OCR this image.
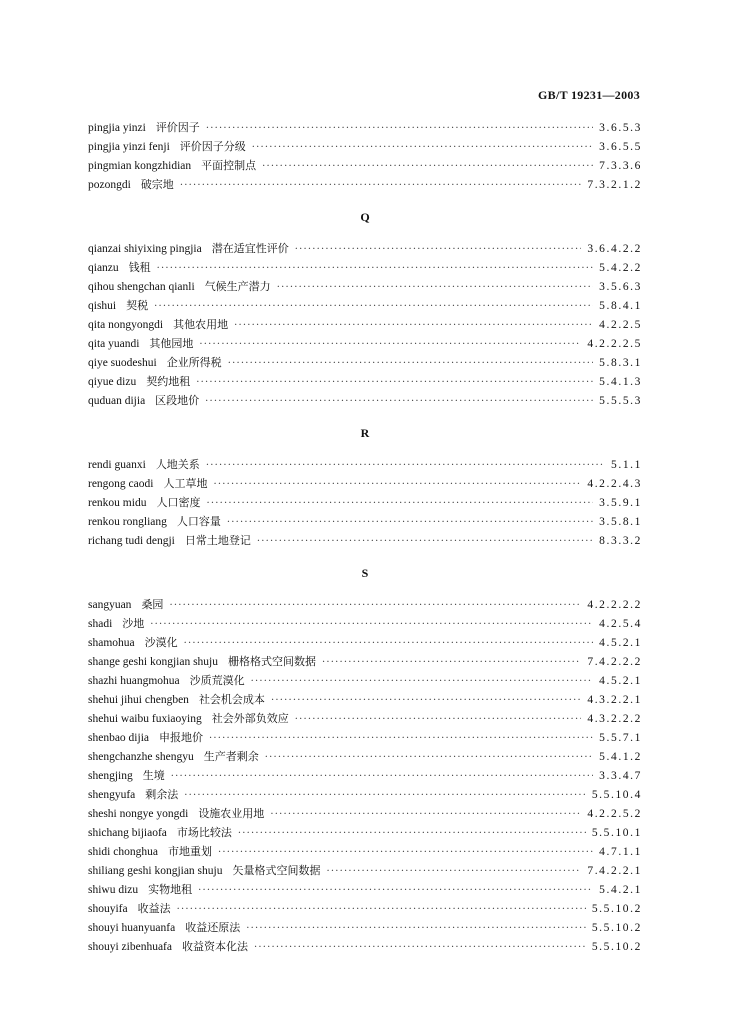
GB/T 19231—2003
pingjia yinzi 评价因子 ·····	3.6.5.3
pingjia yinzi fenji 评价因子分级 ·····	3.6.5.5
pingmian kongzhidian 平面控制点 ·····	7.3.3.6
pozongdi 破宗地 ·····	7.3.2.1.2
Q
qianzai shiyixing pingjia 潜在适宜性评价 ·····	3.6.4.2.2
qianzu 钱租 ·····	5.4.2.2
qihou shengchan qianli 气候生产潜力 ·····	3.5.6.3
qishui 契税 ·····	5.8.4.1
qita nongyongdi 其他农用地 ·····	4.2.2.5
qita yuandi 其他园地 ·····	4.2.2.2.5
qiye suodeshui 企业所得税 ·····	5.8.3.1
qiyue dizu 契约地租 ·····	5.4.1.3
quduan dijia 区段地价 ·····	5.5.5.3
R
rendi guanxi 人地关系 ·····	5.1.1
rengong caodi 人工草地 ·····	4.2.2.4.3
renkou midu 人口密度 ·····	3.5.9.1
renkou rongliang 人口容量 ·····	3.5.8.1
richang tudi dengji 日常土地登记 ·····	8.3.3.2
S
sangyuan 桑园 ·····	4.2.2.2.2
shadi 沙地 ·····	4.2.5.4
shamohua 沙漠化 ·····	4.5.2.1
shange geshi kongjian shuju 栅格格式空间数据 ·····	7.4.2.2.2
shazhi huangmohua 沙质荒漠化 ·····	4.5.2.1
shehui jihui chengben 社会机会成本 ·····	4.3.2.2.1
shehui waibu fuxiaoying 社会外部负效应 ·····	4.3.2.2.2
shenbao dijia 申报地价 ·····	5.5.7.1
shengchanzhe shengyu 生产者剩余 ·····	5.4.1.2
shengjing 生境 ·····	3.3.4.7
shengyufa 剩余法 ·····	5.5.10.4
sheshi nongye yongdi 设施农业用地 ·····	4.2.2.5.2
shichang bijiaofa 市场比较法 ·····	5.5.10.1
shidi chonghua 市地重划 ·····	4.7.1.1
shiliang geshi kongjian shuju 矢量格式空间数据 ·····	7.4.2.2.1
shiwu dizu 实物地租 ·····	5.4.2.1
shouyifa 收益法 ·····	5.5.10.2
shouyi huanyuanfa 收益还原法 ·····	5.5.10.2
shouyi zibenhuafa 收益资本化法 ·····	5.5.10.2
